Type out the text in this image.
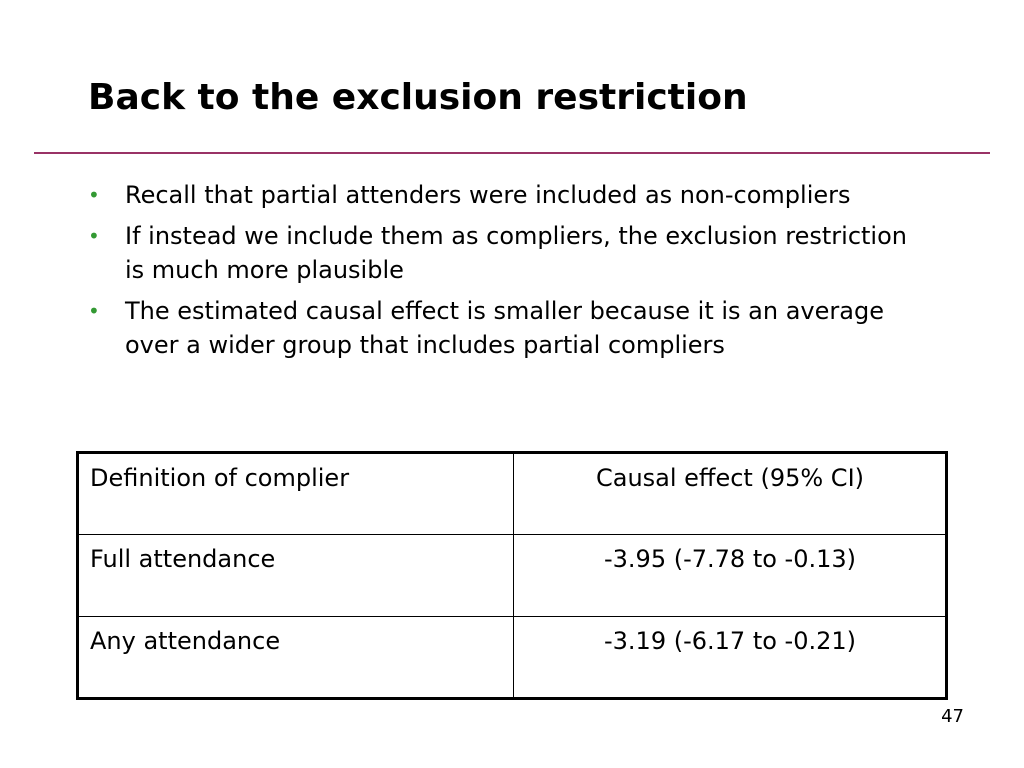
Back to the exclusion restriction
• Recall that partial attenders were included as non-compliers
• If instead we include them as compliers, the exclusion restriction is much more plausible
• The estimated causal effect is smaller because it is an average over a wider group that includes partial compliers
Definition of complier	Causal effect (95% CI)
Full attendance	-3.95 (-7.78 to -0.13)
Any attendance	-3.19 (-6.17 to -0.21)
47
